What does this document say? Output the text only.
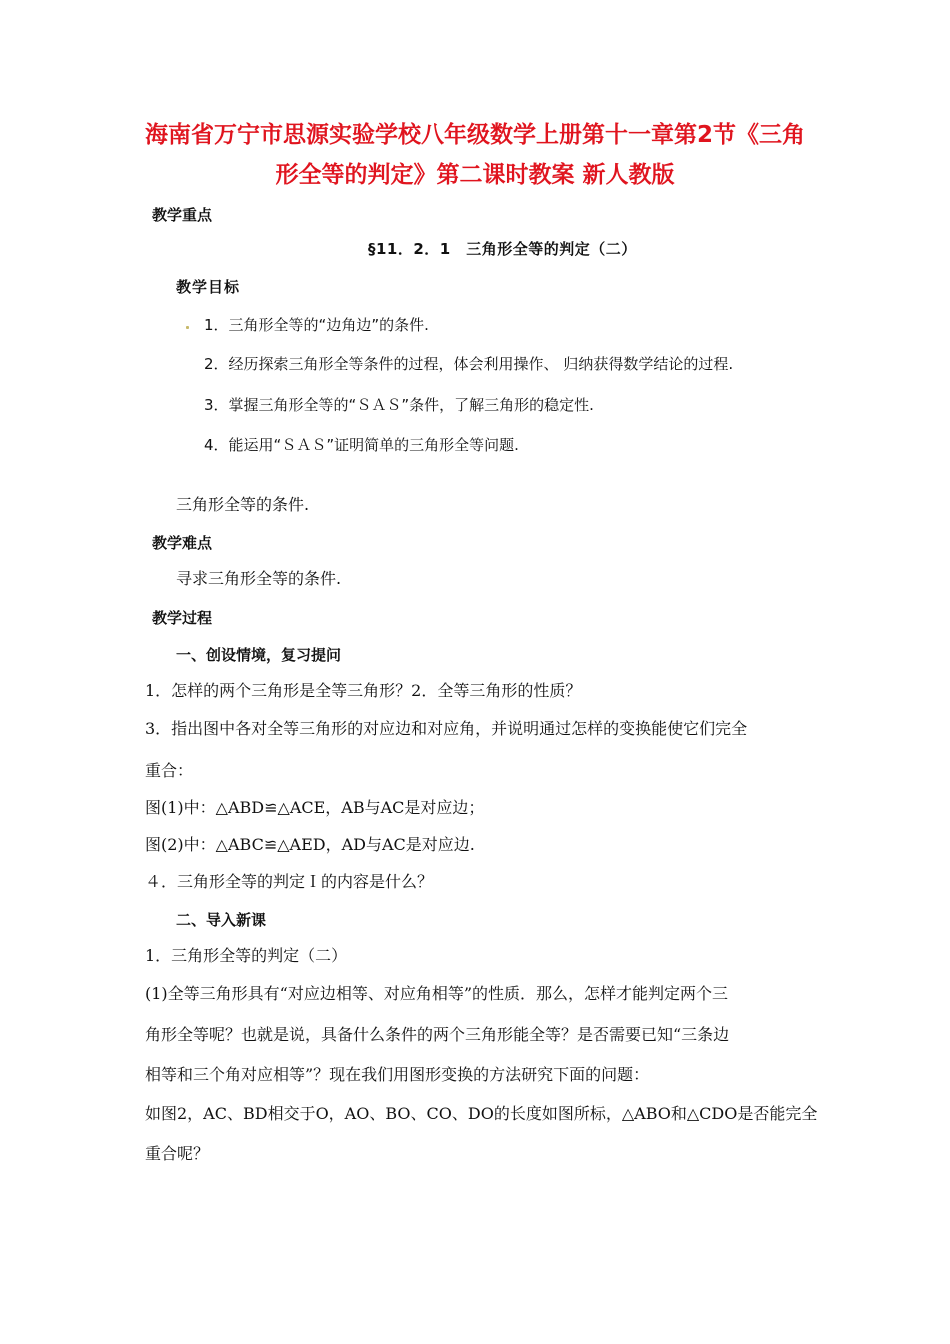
海南省万宁市思源实验学校八年级数学上册第十一章第2节《三角
形全等的判定》第二课时教案 新人教版
教学重点
§11．2．1　三角形全等的判定（二）
教学目标
1．三角形全等的“边角边”的条件.
2．经历探索三角形全等条件的过程，体会利用操作、 归纳获得数学结论的过程.
3．掌握三角形全等的“ＳＡＳ”条件，了解三角形的稳定性.
4．能运用“ＳＡＳ”证明简单的三角形全等问题.
三角形全等的条件.
教学难点
寻求三角形全等的条件.
教学过程
一、创设情境，复习提问
1．怎样的两个三角形是全等三角形？2．全等三角形的性质？
3．指出图中各对全等三角形的对应边和对应角，并说明通过怎样的变换能使它们完全
重合：
图(1)中：△ABD≌△ACE，AB与AC是对应边；
图(2)中：△ABC≌△AED，AD与AC是对应边.
４．三角形全等的判定Ｉ的内容是什么？
二、导入新课
1．三角形全等的判定（二）
(1)全等三角形具有“对应边相等、对应角相等”的性质．那么，怎样才能判定两个三
角形全等呢？也就是说，具备什么条件的两个三角形能全等？是否需要已知“三条边
相等和三个角对应相等”？现在我们用图形变换的方法研究下面的问题：
如图2，AC、BD相交于O，AO、BO、CO、DO的长度如图所标，△ABO和△CDO是否能完全
重合呢？
